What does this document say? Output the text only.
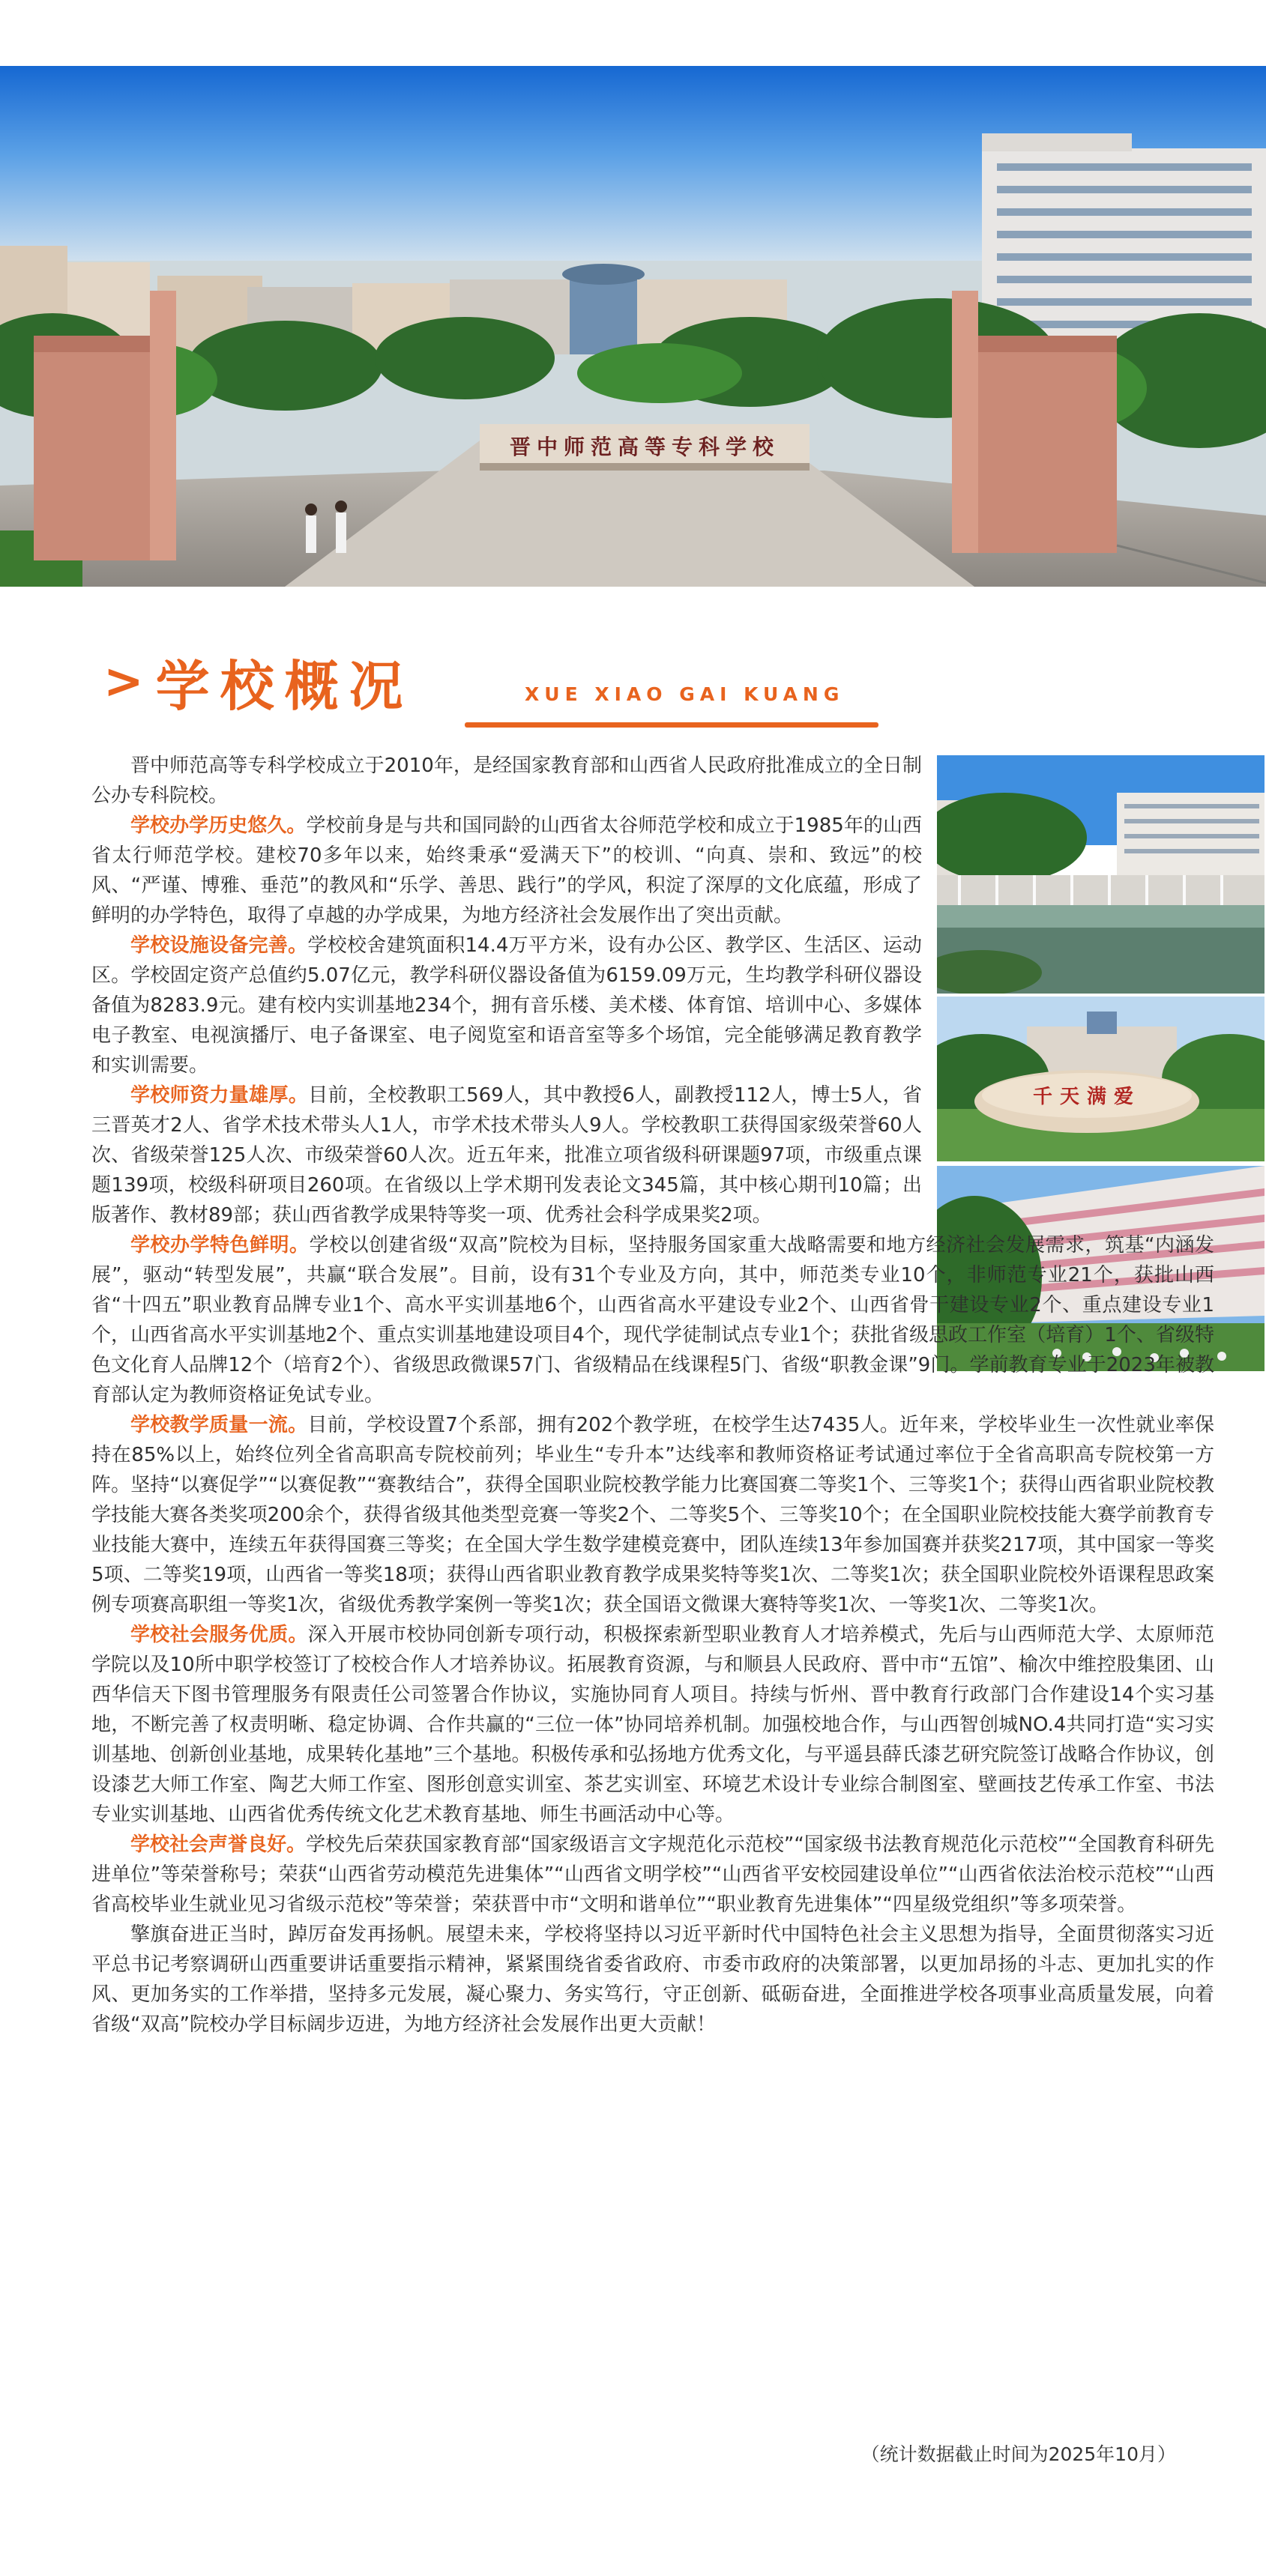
晋中师范高等专科学校
> 学校概况	XUE XIAO GAI KUANG
千天满爱

晋中师范高等专科学校成立于2010年，是经国家教育部和山西省人民政府批准成立的全日制公办专科院校。

学校办学历史悠久。学校前身是与共和国同龄的山西省太谷师范学校和成立于1985年的山西省太行师范学校。建校70多年以来，始终秉承“爱满天下”的校训、“向真、崇和、致远”的校风、“严谨、博雅、垂范”的教风和“乐学、善思、践行”的学风，积淀了深厚的文化底蕴，形成了鲜明的办学特色，取得了卓越的办学成果，为地方经济社会发展作出了突出贡献。

学校设施设备完善。学校校舍建筑面积14.4万平方米，设有办公区、教学区、生活区、运动区。学校固定资产总值约5.07亿元，教学科研仪器设备值为6159.09万元，生均教学科研仪器设备值为8283.9元。建有校内实训基地234个，拥有音乐楼、美术楼、体育馆、培训中心、多媒体电子教室、电视演播厅、电子备课室、电子阅览室和语音室等多个场馆，完全能够满足教育教学和实训需要。

学校师资力量雄厚。目前，全校教职工569人，其中教授6人，副教授112人，博士5人，省三晋英才2人、省学术技术带头人1人，市学术技术带头人9人。学校教职工获得国家级荣誉60人次、省级荣誉125人次、市级荣誉60人次。近五年来，批准立项省级科研课题97项，市级重点课题139项，校级科研项目260项。在省级以上学术期刊发表论文345篇，其中核心期刊10篇；出版著作、教材89部；获山西省教学成果特等奖一项、优秀社会科学成果奖2项。

学校办学特色鲜明。学校以创建省级“双高”院校为目标，坚持服务国家重大战略需要和地方经济社会发展需求，筑基“内涵发展”，驱动“转型发展”，共赢“联合发展”。目前，设有31个专业及方向，其中，师范类专业10个，非师范专业21个，获批山西省“十四五”职业教育品牌专业1个、高水平实训基地6个，山西省高水平建设专业2个、山西省骨干建设专业2个、重点建设专业1个，山西省高水平实训基地2个、重点实训基地建设项目4个，现代学徒制试点专业1个；获批省级思政工作室（培育）1个、省级特色文化育人品牌12个（培育2个）、省级思政微课57门、省级精品在线课程5门、省级“职教金课”9门。学前教育专业于2023年被教育部认定为教师资格证免试专业。

学校教学质量一流。目前，学校设置7个系部，拥有202个教学班，在校学生达7435人。近年来，学校毕业生一次性就业率保持在85%以上，始终位列全省高职高专院校前列；毕业生“专升本”达线率和教师资格证考试通过率位于全省高职高专院校第一方阵。坚持“以赛促学”“以赛促教”“赛教结合”，获得全国职业院校教学能力比赛国赛二等奖1个、三等奖1个；获得山西省职业院校教学技能大赛各类奖项200余个，获得省级其他类型竞赛一等奖2个、二等奖5个、三等奖10个；在全国职业院校技能大赛学前教育专业技能大赛中，连续五年获得国赛三等奖；在全国大学生数学建模竞赛中，团队连续13年参加国赛并获奖217项，其中国家一等奖5项、二等奖19项，山西省一等奖18项；获得山西省职业教育教学成果奖特等奖1次、二等奖1次；获全国职业院校外语课程思政案例专项赛高职组一等奖1次，省级优秀教学案例一等奖1次；获全国语文微课大赛特等奖1次、一等奖1次、二等奖1次。

学校社会服务优质。深入开展市校协同创新专项行动，积极探索新型职业教育人才培养模式，先后与山西师范大学、太原师范学院以及10所中职学校签订了校校合作人才培养协议。拓展教育资源，与和顺县人民政府、晋中市“五馆”、榆次中维控股集团、山西华信天下图书管理服务有限责任公司签署合作协议，实施协同育人项目。持续与忻州、晋中教育行政部门合作建设14个实习基地，不断完善了权责明晰、稳定协调、合作共赢的“三位一体”协同培养机制。加强校地合作，与山西智创城NO.4共同打造“实习实训基地、创新创业基地，成果转化基地”三个基地。积极传承和弘扬地方优秀文化，与平遥县薛氏漆艺研究院签订战略合作协议，创设漆艺大师工作室、陶艺大师工作室、图形创意实训室、茶艺实训室、环境艺术设计专业综合制图室、壁画技艺传承工作室、书法专业实训基地、山西省优秀传统文化艺术教育基地、师生书画活动中心等。

学校社会声誉良好。学校先后荣获国家教育部“国家级语言文字规范化示范校”“国家级书法教育规范化示范校”“全国教育科研先进单位”等荣誉称号；荣获“山西省劳动模范先进集体”“山西省文明学校”“山西省平安校园建设单位”“山西省依法治校示范校”“山西省高校毕业生就业见习省级示范校”等荣誉；荣获晋中市“文明和谐单位”“职业教育先进集体”“四星级党组织”等多项荣誉。

擎旗奋进正当时，踔厉奋发再扬帆。展望未来，学校将坚持以习近平新时代中国特色社会主义思想为指导，全面贯彻落实习近平总书记考察调研山西重要讲话重要指示精神，紧紧围绕省委省政府、市委市政府的决策部署，以更加昂扬的斗志、更加扎实的作风、更加务实的工作举措，坚持多元发展，凝心聚力、务实笃行，守正创新、砥砺奋进，全面推进学校各项事业高质量发展，向着省级“双高”院校办学目标阔步迈进，为地方经济社会发展作出更大贡献！

（统计数据截止时间为2025年10月）
